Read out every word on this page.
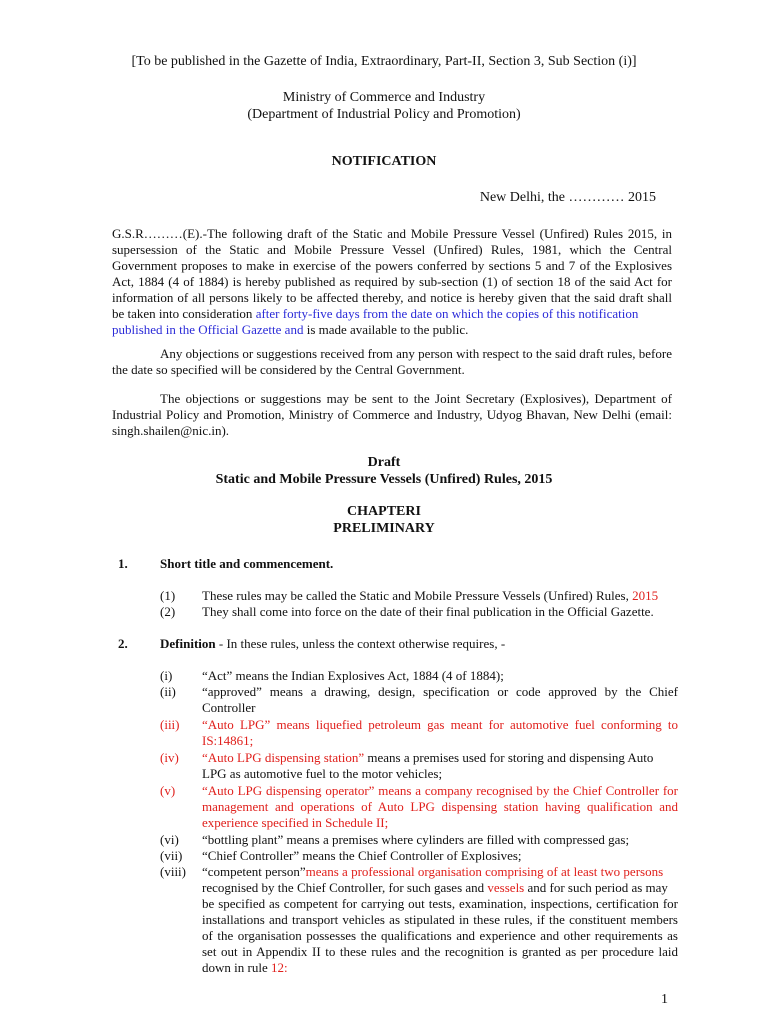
[To be published in the Gazette of India, Extraordinary, Part-II, Section 3, Sub Section (i)]
Ministry of Commerce and Industry
(Department of Industrial Policy and Promotion)
NOTIFICATION
New Delhi, the ………… 2015
G.S.R………(E).-The following draft of the Static and Mobile Pressure Vessel (Unfired) Rules 2015, in
supersession of the Static and Mobile Pressure Vessel (Unfired) Rules, 1981, which the Central
Government proposes to make in exercise of the powers conferred by sections 5 and 7 of the Explosives
Act, 1884 (4 of 1884) is hereby published as required by sub-section (1) of section 18 of the said Act for
information of all persons likely to be affected thereby, and notice is hereby given that the said draft shall
be taken into consideration after forty-five days from the date on which the copies of this notification
published in the Official Gazette and is made available to the public.
Any objections or suggestions received from any person with respect to the said draft rules, before
the date so specified will be considered by the Central Government.
The objections or suggestions may be sent to the Joint Secretary (Explosives), Department of
Industrial Policy and Promotion, Ministry of Commerce and Industry, Udyog Bhavan, New Delhi (email:
singh.shailen@nic.in).
Draft
Static and Mobile Pressure Vessels (Unfired) Rules, 2015
CHAPTERI
PRELIMINARY
1. Short title and commencement.
(1) These rules may be called the Static and Mobile Pressure Vessels (Unfired) Rules, 2015
(2) They shall come into force on the date of their final publication in the Official Gazette.
2. Definition - In these rules, unless the context otherwise requires, -
(i) “Act” means the Indian Explosives Act, 1884 (4 of 1884);
(ii) “approved” means a drawing, design, specification or code approved by the Chief
Controller
(iii) “Auto LPG” means liquefied petroleum gas meant for automotive fuel conforming to
IS:14861;
(iv) “Auto LPG dispensing station” means a premises used for storing and dispensing Auto
LPG as automotive fuel to the motor vehicles;
(v) “Auto LPG dispensing operator” means a company recognised by the Chief Controller for
management and operations of Auto LPG dispensing station having qualification and
experience specified in Schedule II;
(vi) “bottling plant” means a premises where cylinders are filled with compressed gas;
(vii) “Chief Controller” means the Chief Controller of Explosives;
(viii) “competent person”means a professional organisation comprising of at least two persons
recognised by the Chief Controller, for such gases and vessels and for such period as may
be specified as competent for carrying out tests, examination, inspections, certification for
installations and transport vehicles as stipulated in these rules, if the constituent members
of the organisation possesses the qualifications and experience and other requirements as
set out in Appendix II to these rules and the recognition is granted as per procedure laid
down in rule 12:
1
